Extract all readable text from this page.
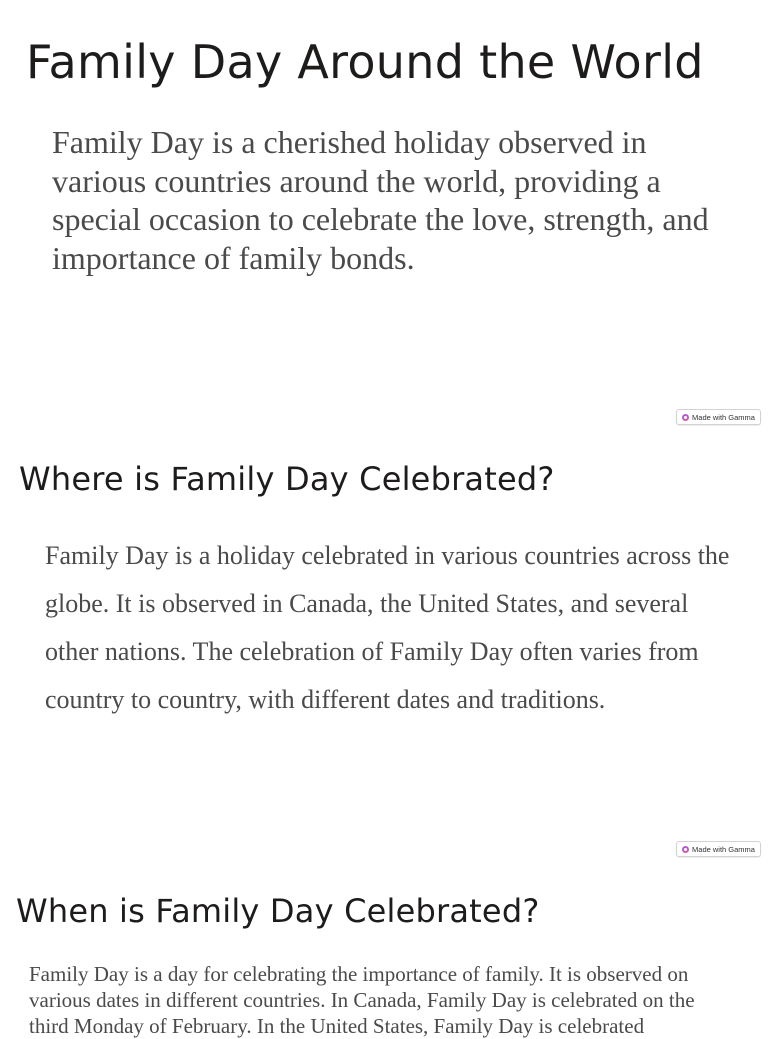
Family Day Around the World

Family Day is a cherished holiday observed in various countries around the world, providing a special occasion to celebrate the love, strength, and importance of family bonds.

Made with Gamma
Where is Family Day Celebrated?

Family Day is a holiday celebrated in various countries across the globe. It is observed in Canada, the United States, and several other nations. The celebration of Family Day often varies from country to country, with different dates and traditions.

Made with Gamma
When is Family Day Celebrated?

Family Day is a day for celebrating the importance of family. It is observed on various dates in different countries. In Canada, Family Day is celebrated on the third Monday of February. In the United States, Family Day is celebrated
